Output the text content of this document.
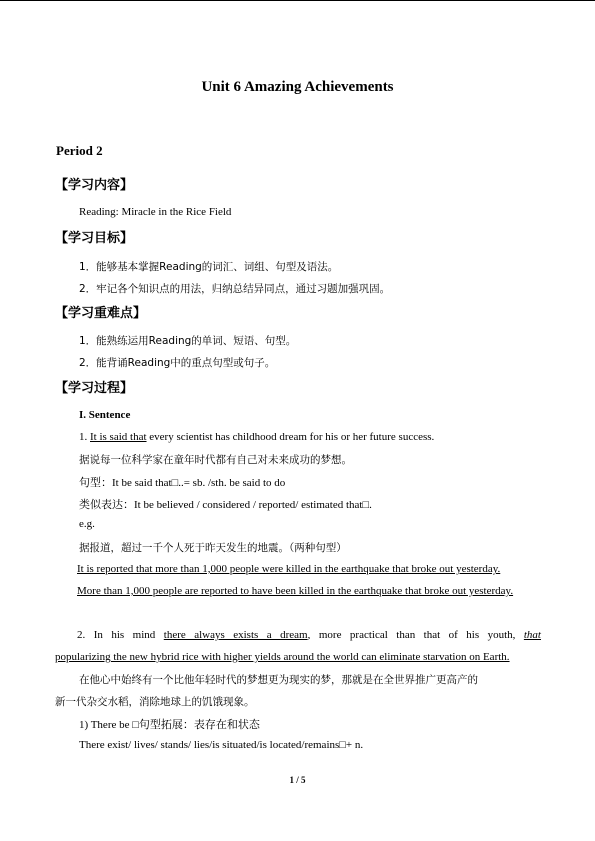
Unit 6 Amazing Achievements
Period 2
【学习内容】
Reading: Miracle in the Rice Field
【学习目标】
1．能够基本掌握Reading的词汇、词组、句型及语法。
2．牢记各个知识点的用法，归纳总结异同点，通过习题加强巩固。
【学习重难点】
1．能熟练运用Reading的单词、短语、句型。
2．能背诵Reading中的重点句型或句子。
【学习过程】
I. Sentence
1. It is said that every scientist has childhood dream for his or her future success.
据说每一位科学家在童年时代都有自己对未来成功的梦想。
句型：It be said that□..= sb. /sth. be said to do
类似表达：It be believed / considered / reported/ estimated that□.
e.g.
据报道，超过一千个人死于昨天发生的地震。（两种句型）
It is reported that more than 1,000 people were killed in the earthquake that broke out yesterday.
More than 1,000 people are reported to have been killed in the earthquake that broke out yesterday.
2. In his mind there always exists a dream, more practical than that of his youth, that
popularizing the new hybrid rice with higher yields around the world can eliminate starvation on Earth.
在他心中始终有一个比他年轻时代的梦想更为现实的梦，那就是在全世界推广更高产的
新一代杂交水稻，消除地球上的饥饿现象。
1) There be □句型拓展：表存在和状态
There exist/ lives/ stands/ lies/is situated/is located/remains□+ n.
1 / 5
